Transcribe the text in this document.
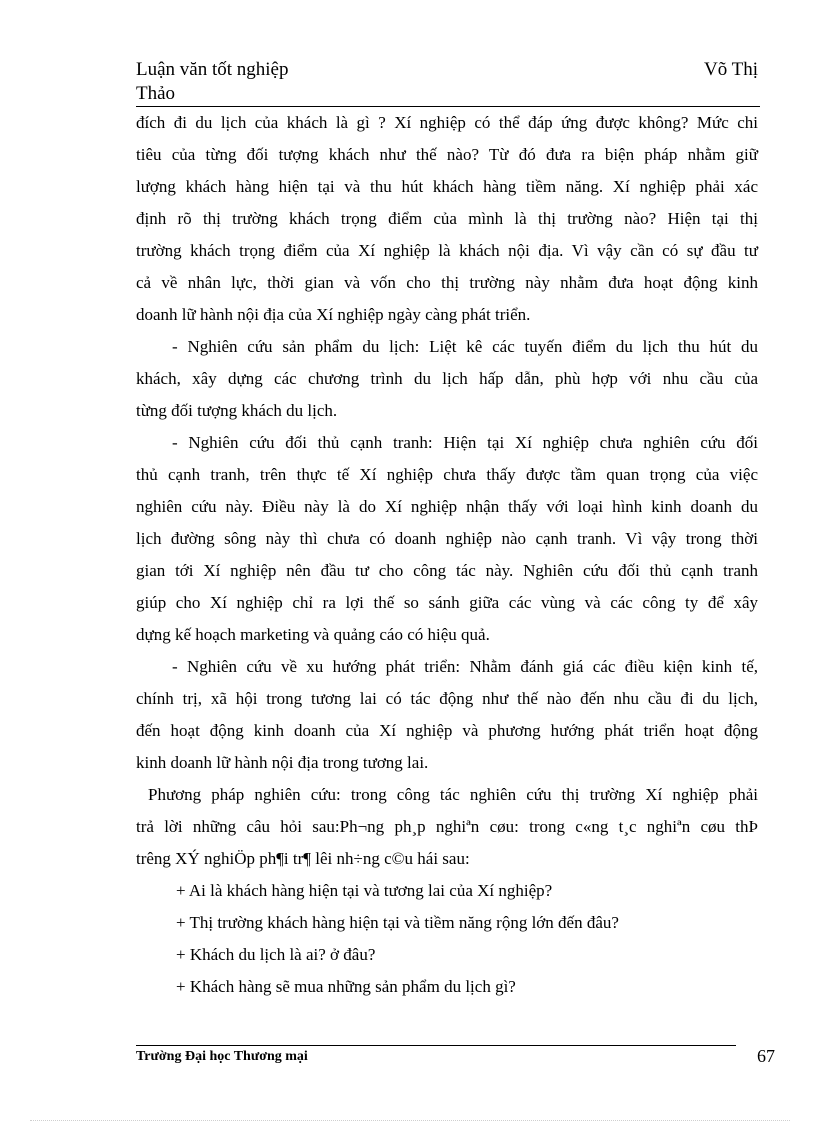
Luận văn tốt nghiệp
Thảo
Võ Thị

đích đi du lịch của khách là gì ? Xí nghiệp có thể đáp ứng được không? Mức chi
tiêu của từng đối tượng khách như thế nào? Từ đó đưa ra biện pháp nhằm giữ
lượng khách hàng hiện tại và thu hút khách hàng tiềm năng. Xí nghiệp phải xác
định rõ thị trường khách trọng điểm của mình là thị trường nào? Hiện tại thị
trường khách trọng điểm của Xí nghiệp là khách nội địa. Vì vậy cần có sự đầu tư
cả về nhân lực, thời gian và vốn cho thị trường này nhằm đưa hoạt động kinh
doanh lữ hành nội địa của Xí nghiệp ngày càng phát triển.

- Nghiên cứu sản phẩm du lịch: Liệt kê các tuyến điểm du lịch thu hút du
khách, xây dựng các chương trình du lịch hấp dẫn, phù hợp với nhu cầu của
từng đối tượng khách du lịch.

- Nghiên cứu đối thủ cạnh tranh: Hiện tại Xí nghiệp chưa nghiên cứu đối
thủ cạnh tranh, trên thực tế Xí nghiệp chưa thấy được tầm quan trọng của việc
nghiên cứu này. Điều này là do Xí nghiệp nhận thấy với loại hình kinh doanh du
lịch đường sông này thì chưa có doanh nghiệp nào cạnh tranh. Vì vậy trong thời
gian tới Xí nghiệp nên đầu tư cho công tác này. Nghiên cứu đối thủ cạnh tranh
giúp cho Xí nghiệp chỉ ra lợi thế so sánh giữa các vùng và các công ty để xây
dựng kế hoạch marketing và quảng cáo có hiệu quả.

- Nghiên cứu về xu hướng phát triển: Nhằm đánh giá các điều kiện kinh tế,
chính trị, xã hội trong tương lai có tác động như thế nào đến nhu cầu đi du lịch,
đến hoạt động kinh doanh của Xí nghiệp và phương hướng phát triển hoạt động
kinh doanh lữ hành nội địa trong tương lai.

Phương pháp nghiên cứu: trong công tác nghiên cứu thị trường Xí nghiệp phải
trả lời những câu hỏi sau:Ph¬ng ph¸p nghiªn cøu: trong c«ng t¸c nghiªn cøu thÞ
trêng XÝ nghiÖp ph¶i tr¶ lêi nh÷ng c©u hái sau:

+ Ai là khách hàng hiện tại và tương lai của Xí nghiệp?
+ Thị trường khách hàng hiện tại và tiềm năng rộng lớn đến đâu?
+ Khách du lịch là ai? ở đâu?
+ Khách hàng sẽ mua những sản phẩm du lịch gì?

Trường Đại học Thương mại	67
